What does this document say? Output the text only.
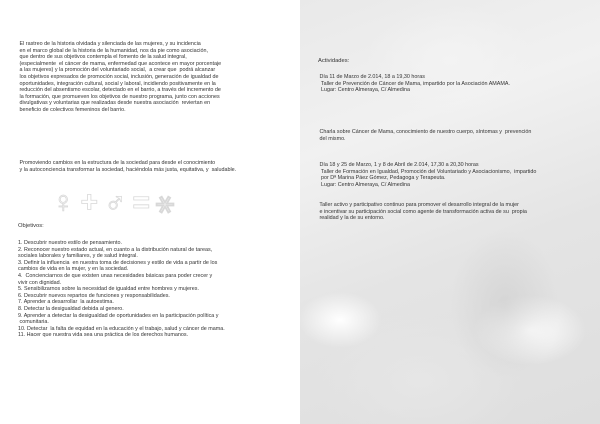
El rastreo de la historia olvidada y silenciada de las mujeres, y su incidencia
en el marco global de la historia de la humanidad, nos da pie como asociación,
que dentro de sus objetivos contempla el fomento de la salud integral,
(especialmente  el cáncer de mama, enfermedad que acontece en mayor porcentaje
a las mujeres) y la promoción del voluntariado social,  a crear que  podrá alcanzar
los objetivos expresados de promoción social, inclusión, generación de igualdad de
oportunidades, integración cultural, social y laboral, incidiendo positivamente en la
reducción del absentismo escolar, detectado en el barrio, a través del incremento de
la formación, que promueven los objetivos de nuestro programa, junto con acciones
divulgativas y voluntarias que realizadas desde nuestra asociación  reviertan en
beneficio de colectivos femeninos del barrio.
Promoviendo cambios en la estructura de la sociedad para desde el conocimiento
y la autoconciencia transformar la sociedad, haciéndola más justa, equitativa, y  saludable.
♀+♂=⚹
Objetivos:
1. Descubrir nuestro estilo de pensamiento.
2. Reconocer nuestro estado actual, en cuanto a la distribución natural de tareas,
sociales laborales y familiares, y de salud integral.
3. Definir la influencia  en nuestra toma de decisiones y estilo de vida a partir de los
cambios de vida en la mujer, y en la sociedad.
4.  Concienciarnos de que existen unas necesidades básicas para poder crecer y
vivir con dignidad.
5. Sensibilizarnos sobre la necesidad de igualdad entre hombres y mujeres.
6. Descubrir nuevos repartos de funciones y responsabilidades.
7. Aprender a desarrollar  la autoestima.
8. Detectar la desigualdad debida al genero.
9. Aprender a detectar la desigualdad de oportunidades en la participación política y
comunitaria.
10. Detectar  la falta de equidad en la educación y el trabajo, salud y cáncer de mama.
11. Hacer que nuestra vida sea una práctica de los derechos humanos.
Actividades:
Día 11 de Marzo de 2.014, 18 a 19,30 horas
Taller de Prevención de Cáncer de Mama, impartido por la Asociación AMAMA.
Lugar: Centro Almeraya, C/ Almedina
Charla sobre Cáncer de Mama, conocimiento de nuestro cuerpo, síntomas y  prevención
del mismo.
Día 18 y 25 de Marzo, 1 y 8 de Abril de 2.014, 17,30 a 20,30 horas
Taller de Formación en Igualdad, Promoción del Voluntariado y Asociacionismo,  impartido
por Dª Marina Páez Gómez, Pedagoga y Terapeuta.
Lugar: Centro Almeraya, C/ Almedina
Taller activo y participativo continuo para promover el desarrollo integral de la mujer
e incentivar su participación social como agente de transformación activa de su  propia
realidad y la de su entorno.
